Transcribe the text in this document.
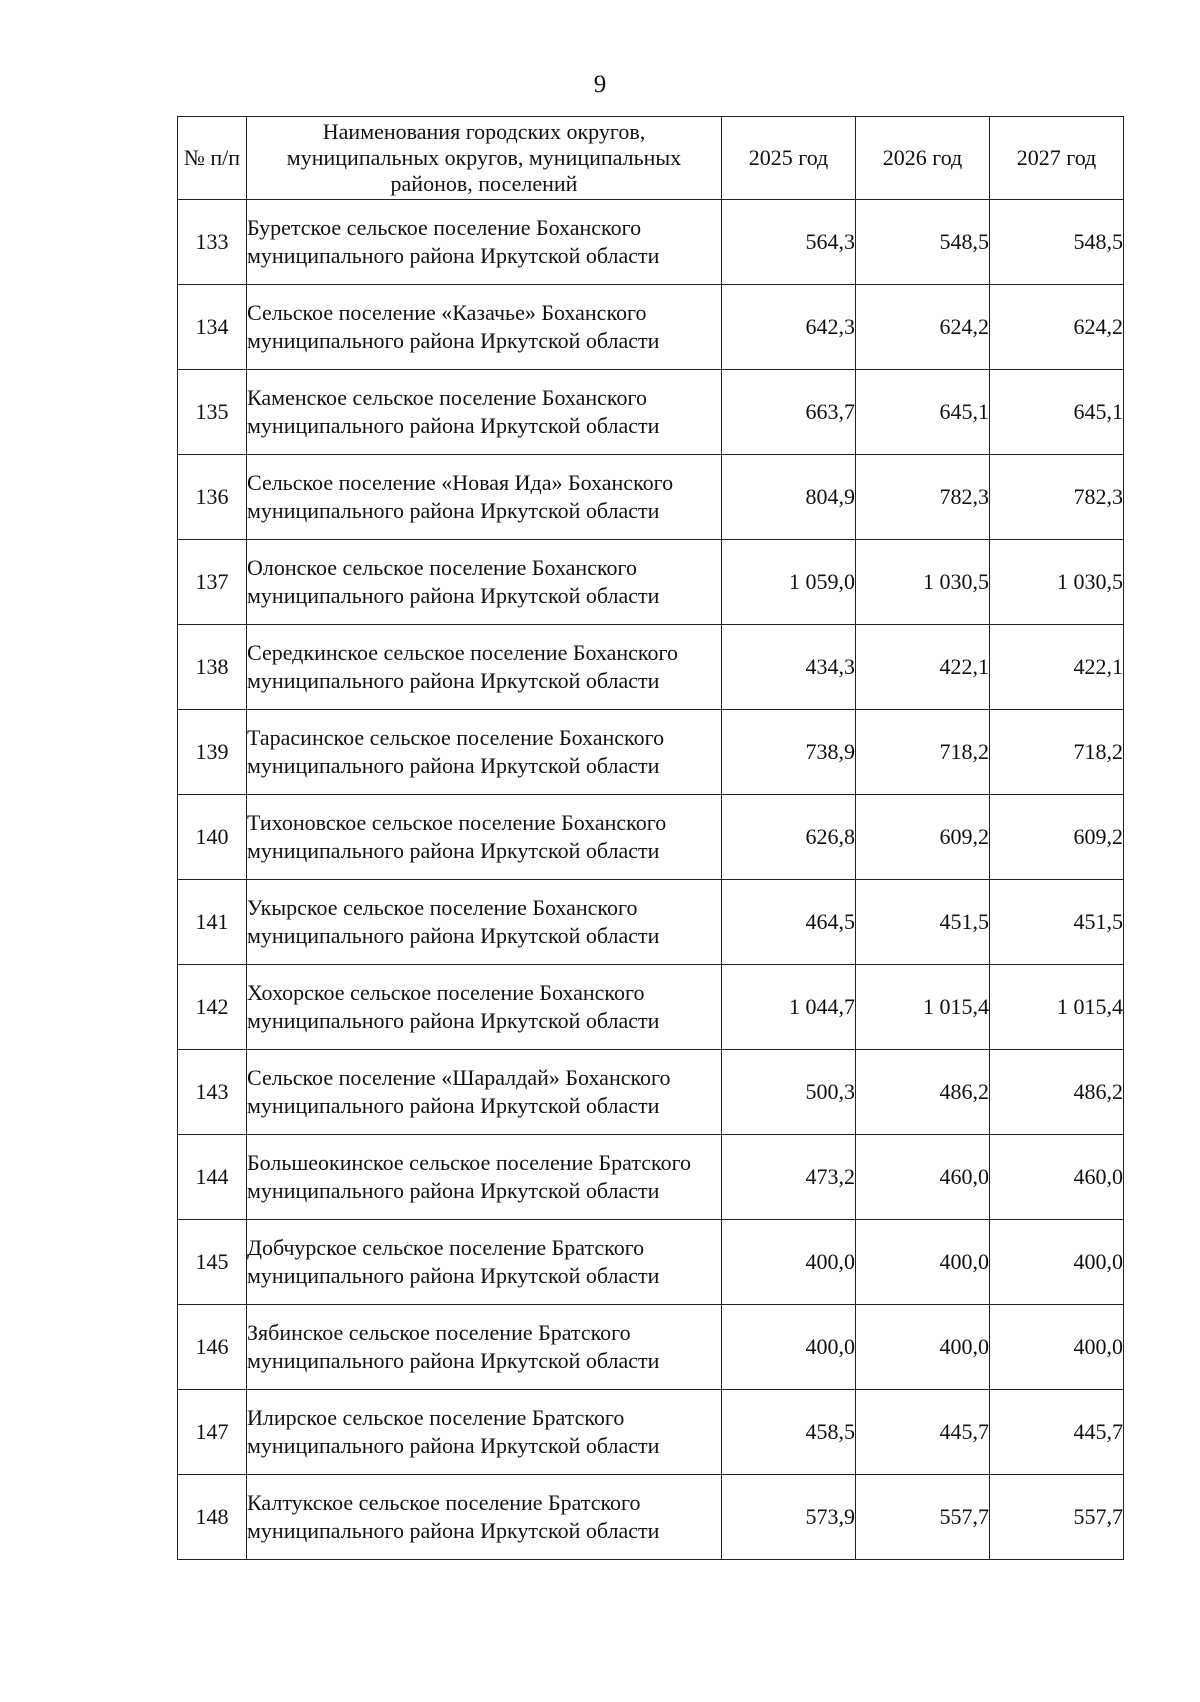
9
№ п/п	Наименования городских округов, муниципальных округов, муниципальных районов, поселений	2025 год	2026 год	2027 год
133	Буретское сельское поселение Боханского муниципального района Иркутской области	564,3	548,5	548,5
134	Сельское поселение «Казачье» Боханского муниципального района Иркутской области	642,3	624,2	624,2
135	Каменское сельское поселение Боханского муниципального района Иркутской области	663,7	645,1	645,1
136	Сельское поселение «Новая Ида» Боханского муниципального района Иркутской области	804,9	782,3	782,3
137	Олонское сельское поселение Боханского муниципального района Иркутской области	1 059,0	1 030,5	1 030,5
138	Середкинское сельское поселение Боханского муниципального района Иркутской области	434,3	422,1	422,1
139	Тарасинское сельское поселение Боханского муниципального района Иркутской области	738,9	718,2	718,2
140	Тихоновское сельское поселение Боханского муниципального района Иркутской области	626,8	609,2	609,2
141	Укырское сельское поселение Боханского муниципального района Иркутской области	464,5	451,5	451,5
142	Хохорское сельское поселение Боханского муниципального района Иркутской области	1 044,7	1 015,4	1 015,4
143	Сельское поселение «Шаралдай» Боханского муниципального района Иркутской области	500,3	486,2	486,2
144	Большеокинское сельское поселение Братского муниципального района Иркутской области	473,2	460,0	460,0
145	Добчурское сельское поселение Братского муниципального района Иркутской области	400,0	400,0	400,0
146	Зябинское сельское поселение Братского муниципального района Иркутской области	400,0	400,0	400,0
147	Илирское сельское поселение Братского муниципального района Иркутской области	458,5	445,7	445,7
148	Калтукское сельское поселение Братского муниципального района Иркутской области	573,9	557,7	557,7
